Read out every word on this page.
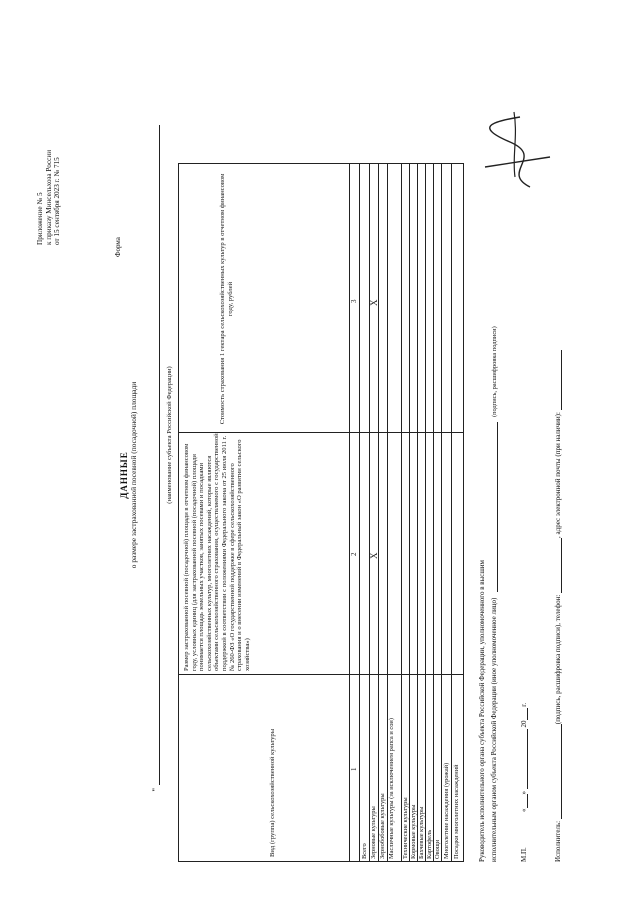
Приложение № 5 к приказу Минсельхоза России от 15 сентября 2023 г. № 715
Форма
ДАННЫЕ о размере застрахованной посевной (посадочной) площади
"
(наименование субъекта Российской Федерации)
Вид (группа) сельскохозяйственной культуры
Размер застрахованной посевной (посадочной) площади в отчетном финансовом году, условных единиц (для застрахованной посевной (посадочной) площади понимается площадь земельных участков, занятых посевами и посадками сельскохозяйственных культур, многолетних насаждений, которые являются объектами сельскохозяйственного страхования, осуществляемого с государственной поддержкой в соответствии с положениями Федерального закона от 25 июля 2011 г. № 260-ФЗ «О государственной поддержке в сфере сельскохозяйственного страхования и о внесении изменений в Федеральный закон «О развитии сельского хозяйства»)
Стоимость страхования 1 гектара сельскохозяйственных культур в отчетном финансовом году, рублей
1
2
3
Всего
X
X
Зерновые культуры Зернобобовые культуры Масличные культуры (за исключением рапса и сои) Технические культуры Кормовые культуры Бахчевые культуры Картофель Овощи Многолетние насаждения (урожай) Посадки многолетних насаждений	Руководитель исполнительного органа субъекта Российской Федерации, уполномоченного в высшим исполнительным органом субъекта Российской Федерации (иное уполномоченное лицо)
(подпись, расшифровка подписи)
М.П.
«»  20 г.
Исполнитель: (подпись, расшифровка подписи), телефон: , адрес электронной почты (при наличии):
